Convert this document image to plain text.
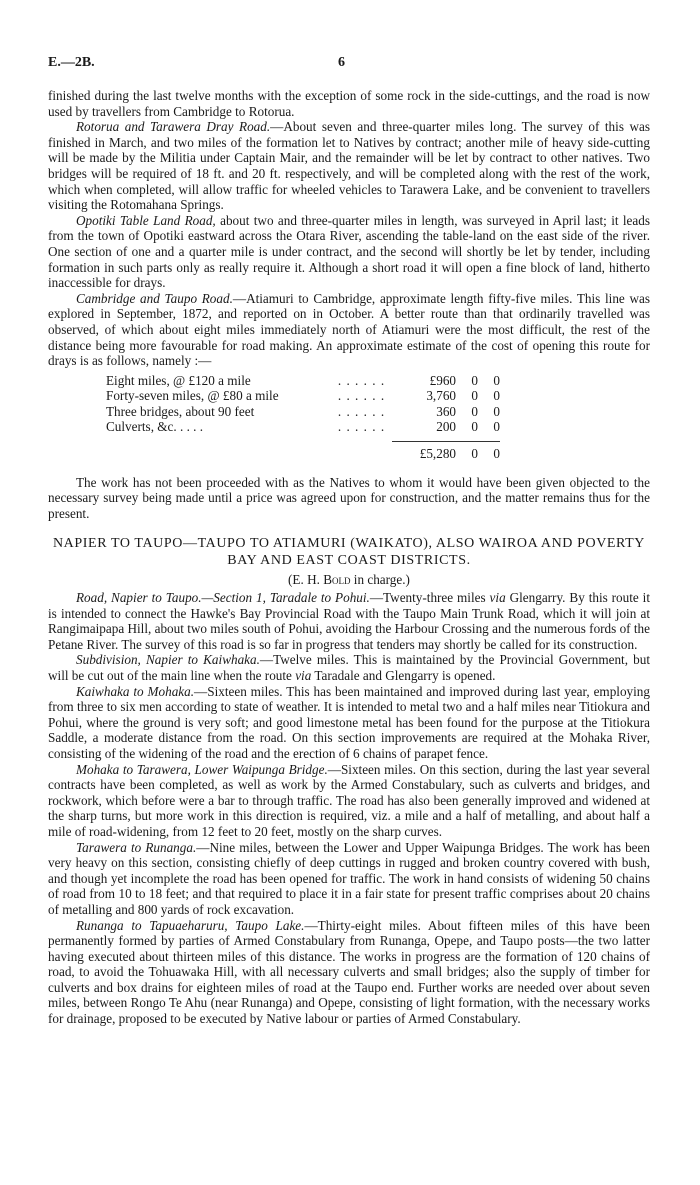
E.—2B.	6

finished during the last twelve months with the exception of some rock in the side-cuttings, and the road is now used by travellers from Cambridge to Rotorua.

Rotorua and Tarawera Dray Road.—About seven and three-quarter miles long. The survey of this was finished in March, and two miles of the formation let to Natives by contract; another mile of heavy side-cutting will be made by the Militia under Captain Mair, and the remainder will be let by contract to other natives. Two bridges will be required of 18 ft. and 20 ft. respectively, and will be completed along with the rest of the work, which when completed, will allow traffic for wheeled vehicles to Tarawera Lake, and be convenient to travellers visiting the Rotomahana Springs.

Opotiki Table Land Road, about two and three-quarter miles in length, was surveyed in April last; it leads from the town of Opotiki eastward across the Otara River, ascending the table-land on the east side of the river. One section of one and a quarter mile is under contract, and the second will shortly be let by tender, including formation in such parts only as really require it. Although a short road it will open a fine block of land, hitherto inaccessible for drays.

Cambridge and Taupo Road.—Atiamuri to Cambridge, approximate length fifty-five miles. This line was explored in September, 1872, and reported on in October. A better route than that ordinarily travelled was observed, of which about eight miles immediately north of Atiamuri were the most difficult, the rest of the distance being more favourable for road making. An approximate estimate of the cost of opening this route for drays is as follows, namely :—

Eight miles, @ £120 a mile	. . . . . .	£960	0	0
Forty-seven miles, @ £80 a mile	. . . . . .	3,760	0	0
Three bridges, about 90 feet	. . . . . .	360	0	0
Culverts, &c. . . . .	. . . . . .	200	0	0

		£5,280	0	0

The work has not been proceeded with as the Natives to whom it would have been given objected to the necessary survey being made until a price was agreed upon for construction, and the matter remains thus for the present.

NAPIER TO TAUPO—TAUPO TO ATIAMURI (WAIKATO), ALSO WAIROA AND POVERTY BAY AND EAST COAST DISTRICTS.
(E. H. Bold in charge.)

Road, Napier to Taupo.—Section 1, Taradale to Pohui.—Twenty-three miles via Glengarry. By this route it is intended to connect the Hawke's Bay Provincial Road with the Taupo Main Trunk Road, which it will join at Rangimaipapa Hill, about two miles south of Pohui, avoiding the Harbour Crossing and the numerous fords of the Petane River. The survey of this road is so far in progress that tenders may shortly be called for its construction.

Subdivision, Napier to Kaiwhaka.—Twelve miles. This is maintained by the Provincial Government, but will be cut out of the main line when the route via Taradale and Glengarry is opened.

Kaiwhaka to Mohaka.—Sixteen miles. This has been maintained and improved during last year, employing from three to six men according to state of weather. It is intended to metal two and a half miles near Titiokura and Pohui, where the ground is very soft; and good limestone metal has been found for the purpose at the Titiokura Saddle, a moderate distance from the road. On this section improvements are required at the Mohaka River, consisting of the widening of the road and the erection of 6 chains of parapet fence.

Mohaka to Tarawera, Lower Waipunga Bridge.—Sixteen miles. On this section, during the last year several contracts have been completed, as well as work by the Armed Constabulary, such as culverts and bridges, and rockwork, which before were a bar to through traffic. The road has also been generally improved and widened at the sharp turns, but more work in this direction is required, viz. a mile and a half of metalling, and about half a mile of road-widening, from 12 feet to 20 feet, mostly on the sharp curves.

Tarawera to Runanga.—Nine miles, between the Lower and Upper Waipunga Bridges. The work has been very heavy on this section, consisting chiefly of deep cuttings in rugged and broken country covered with bush, and though yet incomplete the road has been opened for traffic. The work in hand consists of widening 50 chains of road from 10 to 18 feet; and that required to place it in a fair state for present traffic comprises about 20 chains of metalling and 800 yards of rock excavation.

Runanga to Tapuaeharuru, Taupo Lake.—Thirty-eight miles. About fifteen miles of this have been permanently formed by parties of Armed Constabulary from Runanga, Opepe, and Taupo posts—the two latter having executed about thirteen miles of this distance. The works in progress are the formation of 120 chains of road, to avoid the Tohuawaka Hill, with all necessary culverts and small bridges; also the supply of timber for culverts and box drains for eighteen miles of road at the Taupo end. Further works are needed over about seven miles, between Rongo Te Ahu (near Runanga) and Opepe, consisting of light formation, with the necessary works for drainage, proposed to be executed by Native labour or parties of Armed Constabulary.
